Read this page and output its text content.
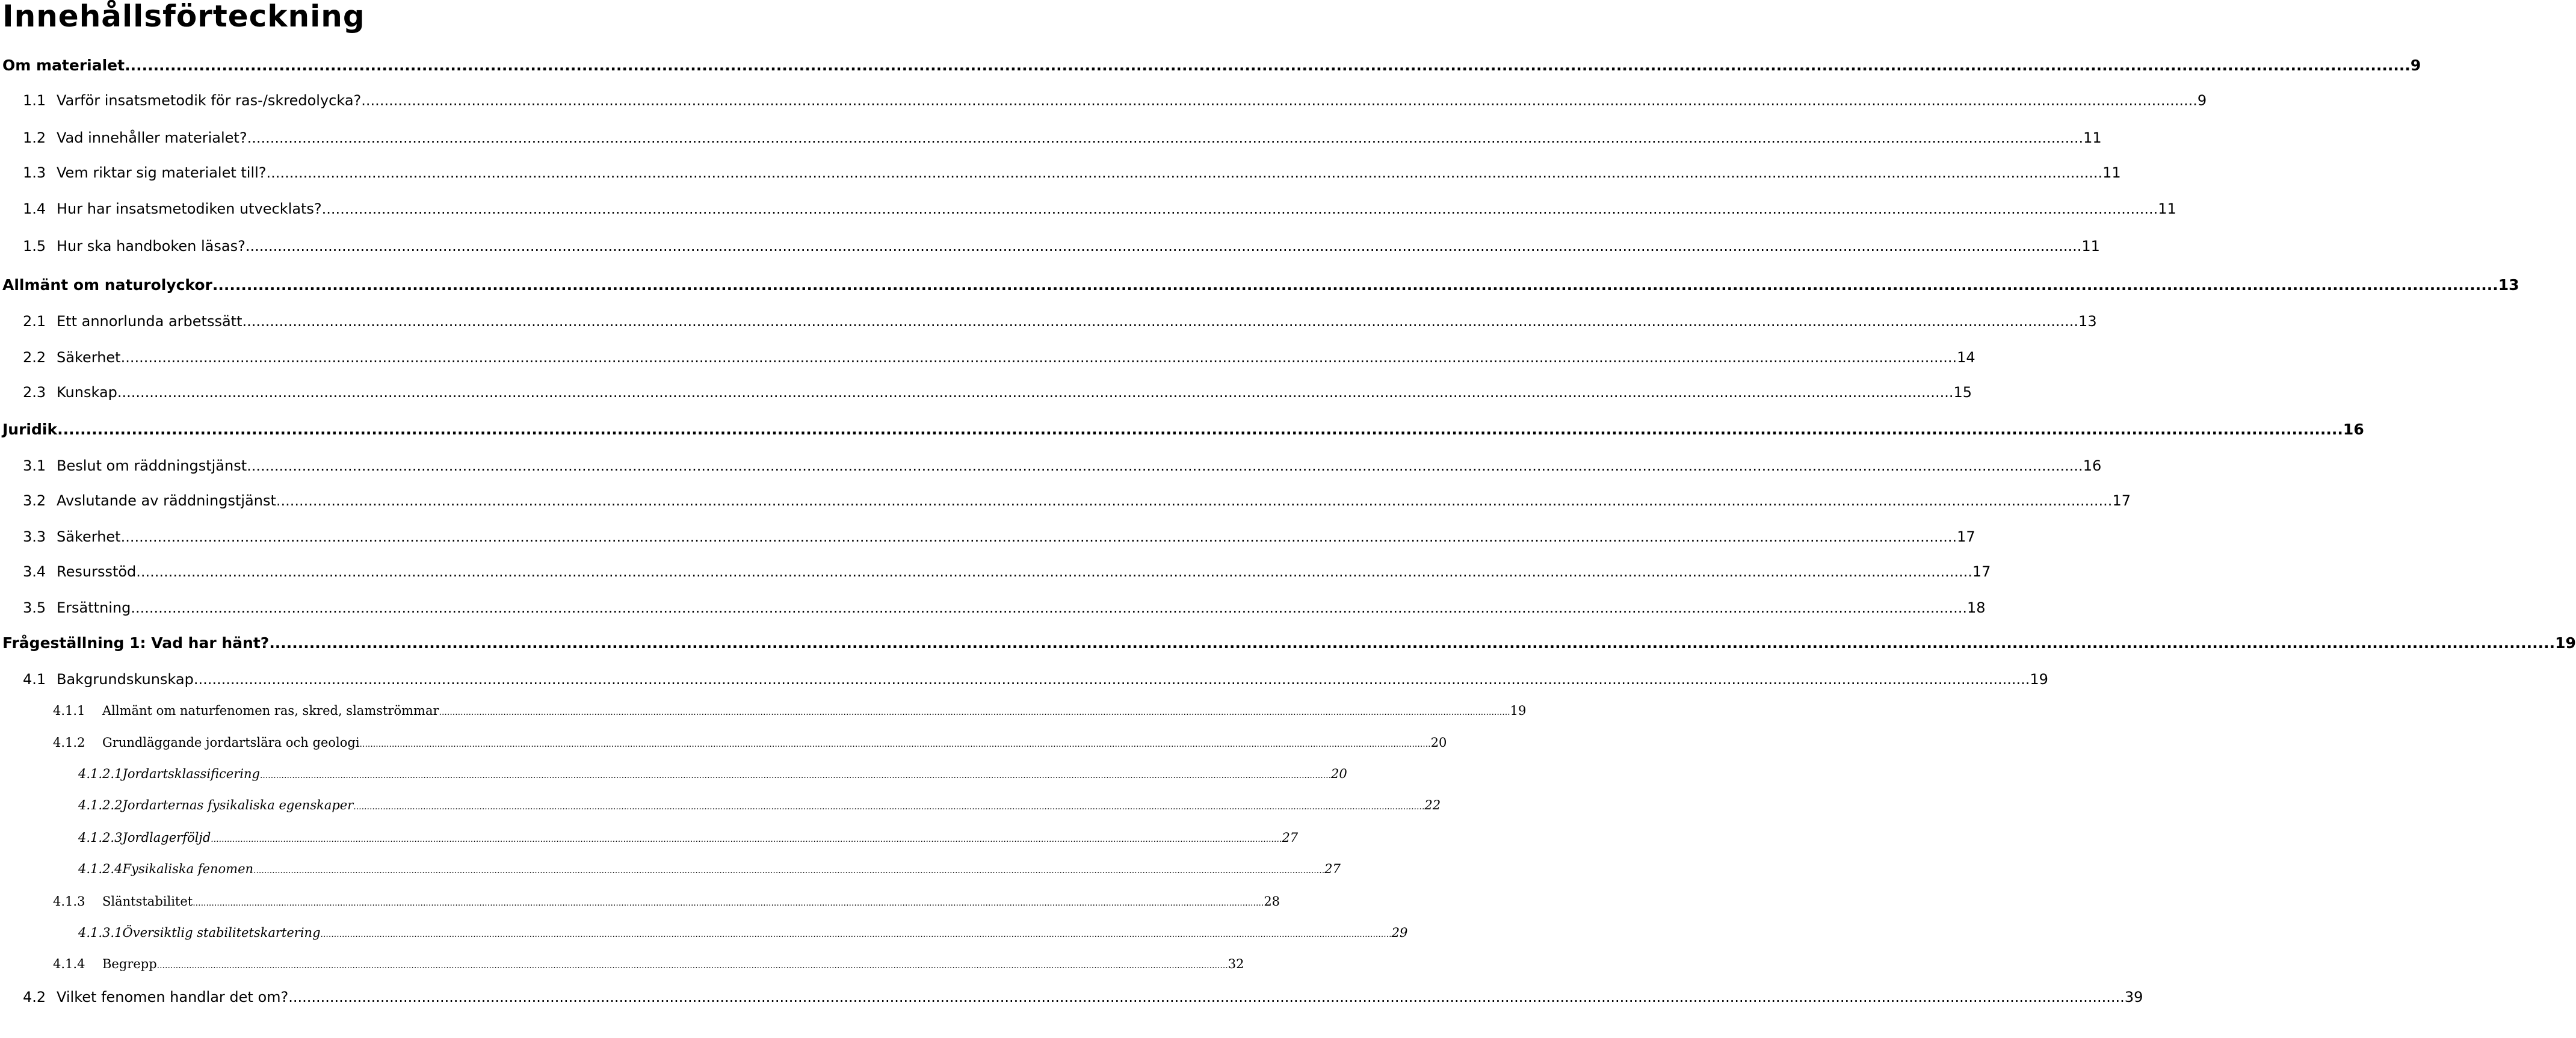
Innehållsförteckning
Om materialet ................................................................................................................................................................................................................................................................................................................................................................................................................ 9
1.1 Varför insatsmetodik för ras-/skredolycka? ................................................................................................................................................................................................................................................................................................................................................................................................................ 9
1.2 Vad innehåller materialet? ................................................................................................................................................................................................................................................................................................................................................................................................................ 11
1.3 Vem riktar sig materialet till? ................................................................................................................................................................................................................................................................................................................................................................................................................ 11
1.4 Hur har insatsmetodiken utvecklats? ................................................................................................................................................................................................................................................................................................................................................................................................................ 11
1.5 Hur ska handboken läsas? ................................................................................................................................................................................................................................................................................................................................................................................................................ 11
Allmänt om naturolyckor ................................................................................................................................................................................................................................................................................................................................................................................................................ 13
2.1 Ett annorlunda arbetssätt ................................................................................................................................................................................................................................................................................................................................................................................................................ 13
2.2 Säkerhet ................................................................................................................................................................................................................................................................................................................................................................................................................ 14
2.3 Kunskap ................................................................................................................................................................................................................................................................................................................................................................................................................ 15
Juridik ................................................................................................................................................................................................................................................................................................................................................................................................................ 16
3.1 Beslut om räddningstjänst ................................................................................................................................................................................................................................................................................................................................................................................................................ 16
3.2 Avslutande av räddningstjänst ................................................................................................................................................................................................................................................................................................................................................................................................................ 17
3.3 Säkerhet ................................................................................................................................................................................................................................................................................................................................................................................................................ 17
3.4 Resursstöd ................................................................................................................................................................................................................................................................................................................................................................................................................ 17
3.5 Ersättning ................................................................................................................................................................................................................................................................................................................................................................................................................ 18
Frågeställning 1: Vad har hänt? ................................................................................................................................................................................................................................................................................................................................................................................................................ 19
4.1 Bakgrundskunskap ................................................................................................................................................................................................................................................................................................................................................................................................................ 19
4.1.1 Allmänt om naturfenomen ras, skred, slamströmmar ................................................................................................................................................................................................................................................................................................................................................................................................................ 19
4.1.2 Grundläggande jordartslära och geologi ................................................................................................................................................................................................................................................................................................................................................................................................................ 20
4.1.2.1Jordartsklassificering ................................................................................................................................................................................................................................................................................................................................................................................................................ 20
4.1.2.2Jordarternas fysikaliska egenskaper ................................................................................................................................................................................................................................................................................................................................................................................................................ 22
4.1.2.3Jordlagerföljd ................................................................................................................................................................................................................................................................................................................................................................................................................ 27
4.1.2.4Fysikaliska fenomen ................................................................................................................................................................................................................................................................................................................................................................................................................ 27
4.1.3 Släntstabilitet ................................................................................................................................................................................................................................................................................................................................................................................................................ 28
4.1.3.1Översiktlig stabilitetskartering ................................................................................................................................................................................................................................................................................................................................................................................................................ 29
4.1.4 Begrepp ................................................................................................................................................................................................................................................................................................................................................................................................................ 32
4.2 Vilket fenomen handlar det om? ................................................................................................................................................................................................................................................................................................................................................................................................................ 39
